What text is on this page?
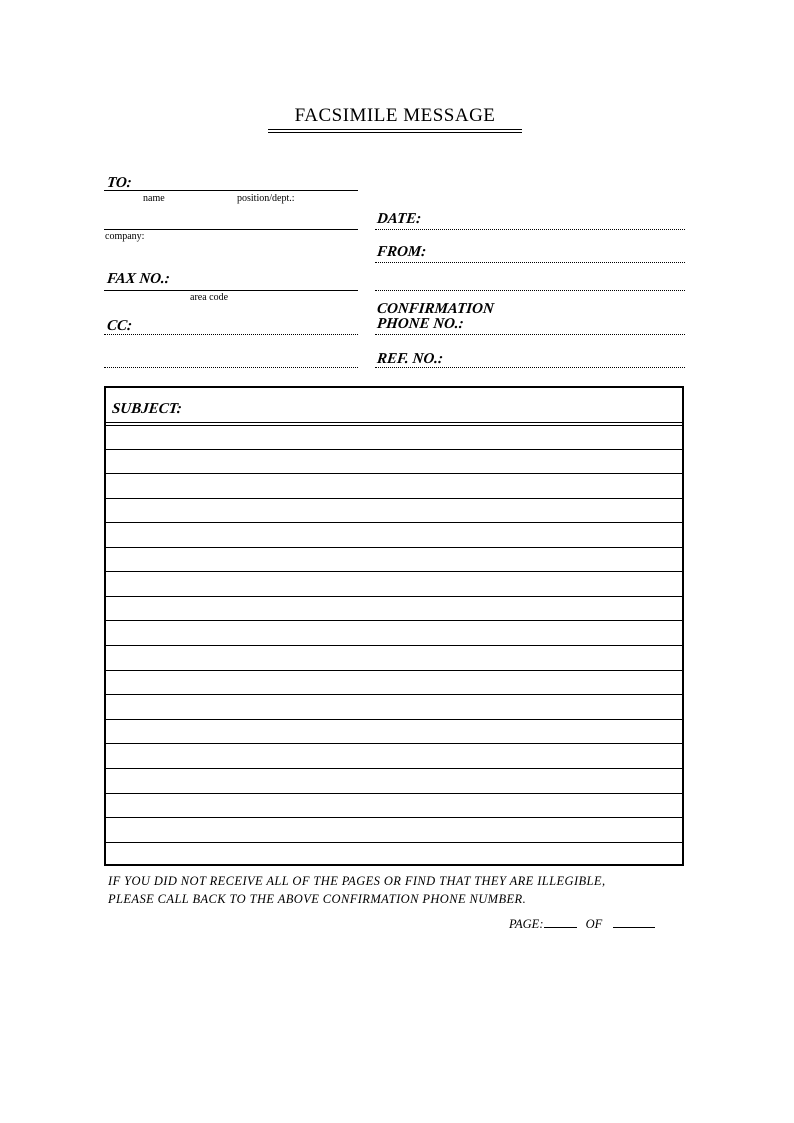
FACSIMILE MESSAGE
TO:
name	position/dept.:
company:
FAX NO.:
area code
CC:
DATE:
FROM:
CONFIRMATION
PHONE NO.:
REF. NO.:
SUBJECT:
IF YOU DID NOT RECEIVE ALL OF THE PAGES OR FIND THAT THEY ARE ILLEGIBLE,
PLEASE CALL BACK TO THE ABOVE CONFIRMATION PHONE NUMBER.
PAGE:	OF
